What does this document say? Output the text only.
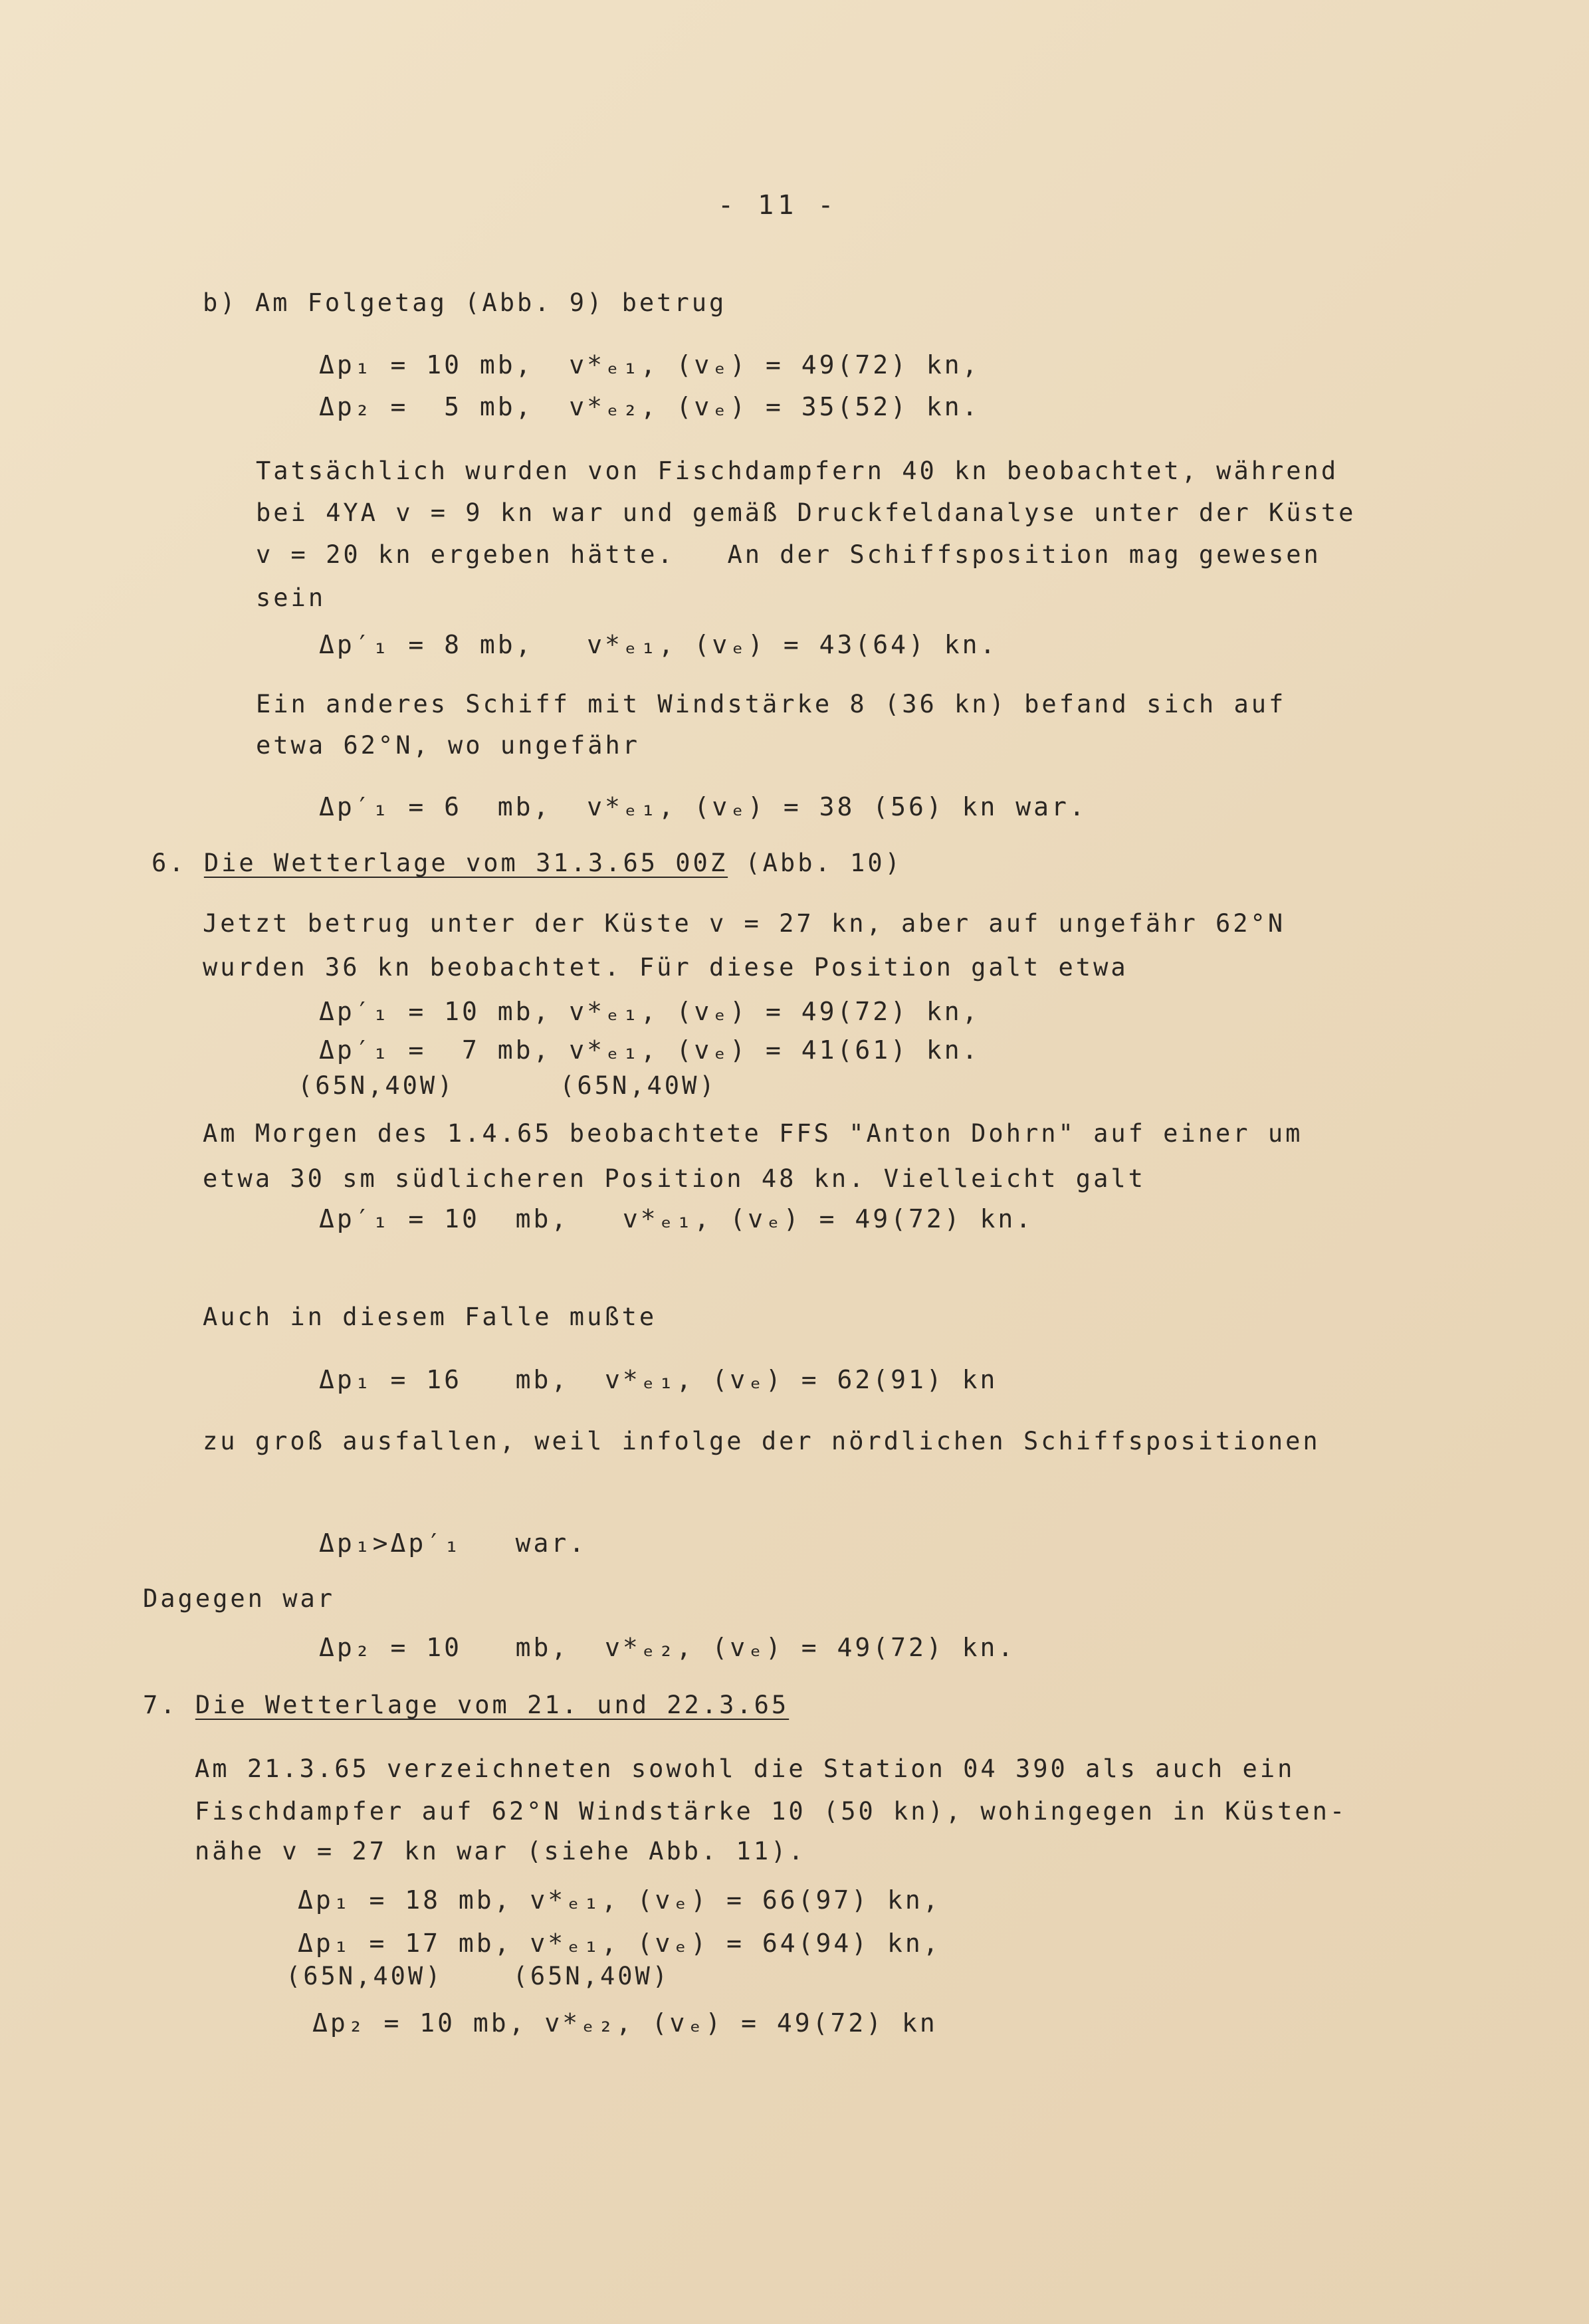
- 11 -
b) Am Folgetag (Abb. 9) betrug
Δp₁ = 10 mb,  v*ₑ₁, (vₑ) = 49(72) kn,
Δp₂ =  5 mb,  v*ₑ₂, (vₑ) = 35(52) kn.
Tatsächlich wurden von Fischdampfern 40 kn beobachtet, während
bei 4YA v = 9 kn war und gemäß Druckfeldanalyse unter der Küste
v = 20 kn ergeben hätte.   An der Schiffsposition mag gewesen
sein
Δp′₁ = 8 mb,   v*ₑ₁, (vₑ) = 43(64) kn.
Ein anderes Schiff mit Windstärke 8 (36 kn) befand sich auf
etwa 62°N, wo ungefähr
Δp′₁ = 6  mb,  v*ₑ₁, (vₑ) = 38 (56) kn war.
6. Die Wetterlage vom 31.3.65 00Z (Abb. 10)
Jetzt betrug unter der Küste v = 27 kn, aber auf ungefähr 62°N
wurden 36 kn beobachtet. Für diese Position galt etwa
Δp′₁ = 10 mb, v*ₑ₁, (vₑ) = 49(72) kn,
Δp′₁ =  7 mb, v*ₑ₁, (vₑ) = 41(61) kn.
(65N,40W)      (65N,40W)
Am Morgen des 1.4.65 beobachtete FFS "Anton Dohrn" auf einer um
etwa 30 sm südlicheren Position 48 kn. Vielleicht galt
Δp′₁ = 10  mb,   v*ₑ₁, (vₑ) = 49(72) kn.
Auch in diesem Falle mußte
Δp₁ = 16   mb,  v*ₑ₁, (vₑ) = 62(91) kn
zu groß ausfallen, weil infolge der nördlichen Schiffspositionen
Δp₁>Δp′₁   war.
Dagegen war
Δp₂ = 10   mb,  v*ₑ₂, (vₑ) = 49(72) kn.
7. Die Wetterlage vom 21. und 22.3.65
Am 21.3.65 verzeichneten sowohl die Station 04 390 als auch ein
Fischdampfer auf 62°N Windstärke 10 (50 kn), wohingegen in Küsten-
nähe v = 27 kn war (siehe Abb. 11).
Δp₁ = 18 mb, v*ₑ₁, (vₑ) = 66(97) kn,
Δp₁ = 17 mb, v*ₑ₁, (vₑ) = 64(94) kn,
(65N,40W)    (65N,40W)
Δp₂ = 10 mb, v*ₑ₂, (vₑ) = 49(72) kn
